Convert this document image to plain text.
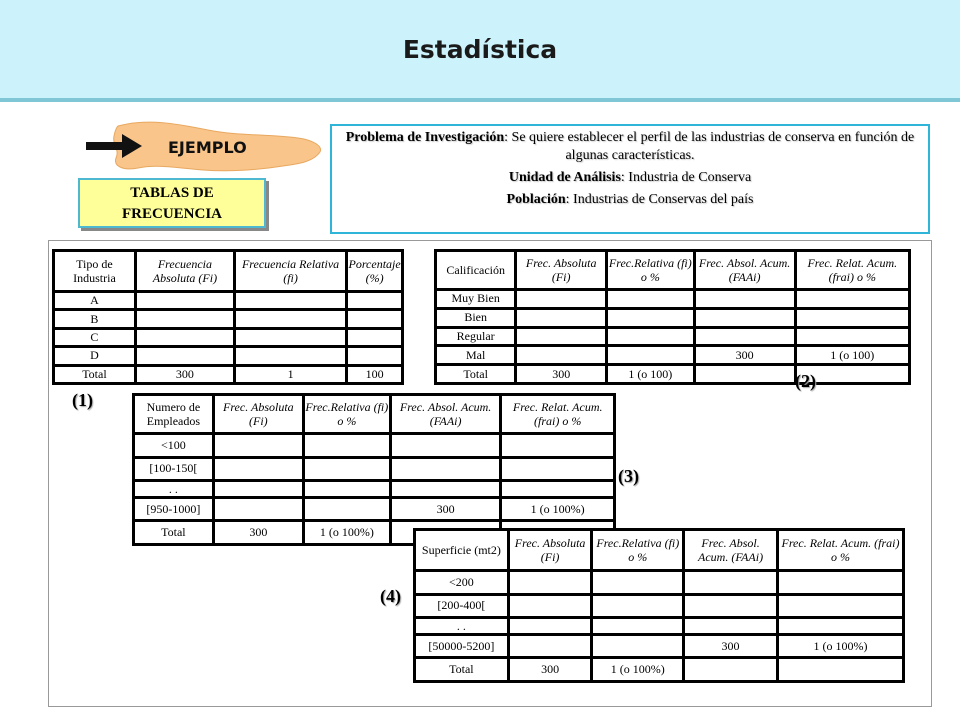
Estadística
EJEMPLO
TABLAS DE
FRECUENCIA

Problema de Investigación: Se quiere establecer el perfil de las industrias de conserva en función de algunas características.

Unidad de Análisis: Industria de Conserva

Población: Industrias de Conservas del país

Tipo de Industria	Frecuencia Absoluta (Fi)	Frecuencia Relativa (fi)	Porcentaje (%)
A			
B			
C			
D			
Total	300	1	100
(1)
Calificación	Frec. Absoluta (Fi)	Frec.Relativa (fi) o %	Frec. Absol. Acum. (FAAi)	Frec. Relat. Acum. (frai) o %
Muy Bien				
Bien				
Regular				
Mal			300	1 (o 100)
Total	300	1 (o 100)			(2)
Numero de Empleados	Frec. Absoluta (Fi)	Frec.Relativa (fi) o %	Frec. Absol. Acum. (FAAi)	Frec. Relat. Acum. (frai) o %
<100				
[100-150[				
. .				
[950-1000]			300	1 (o 100%)
Total	300	1 (o 100%)		
(3)
Superficie (mt2)	Frec. Absoluta (Fi)	Frec.Relativa (fi) o %	Frec. Absol. Acum. (FAAi)	Frec. Relat. Acum. (frai) o %
<200				
[200-400[				
. .				
[50000-5200]			300	1 (o 100%)
Total	300	1 (o 100%)		
(4)
